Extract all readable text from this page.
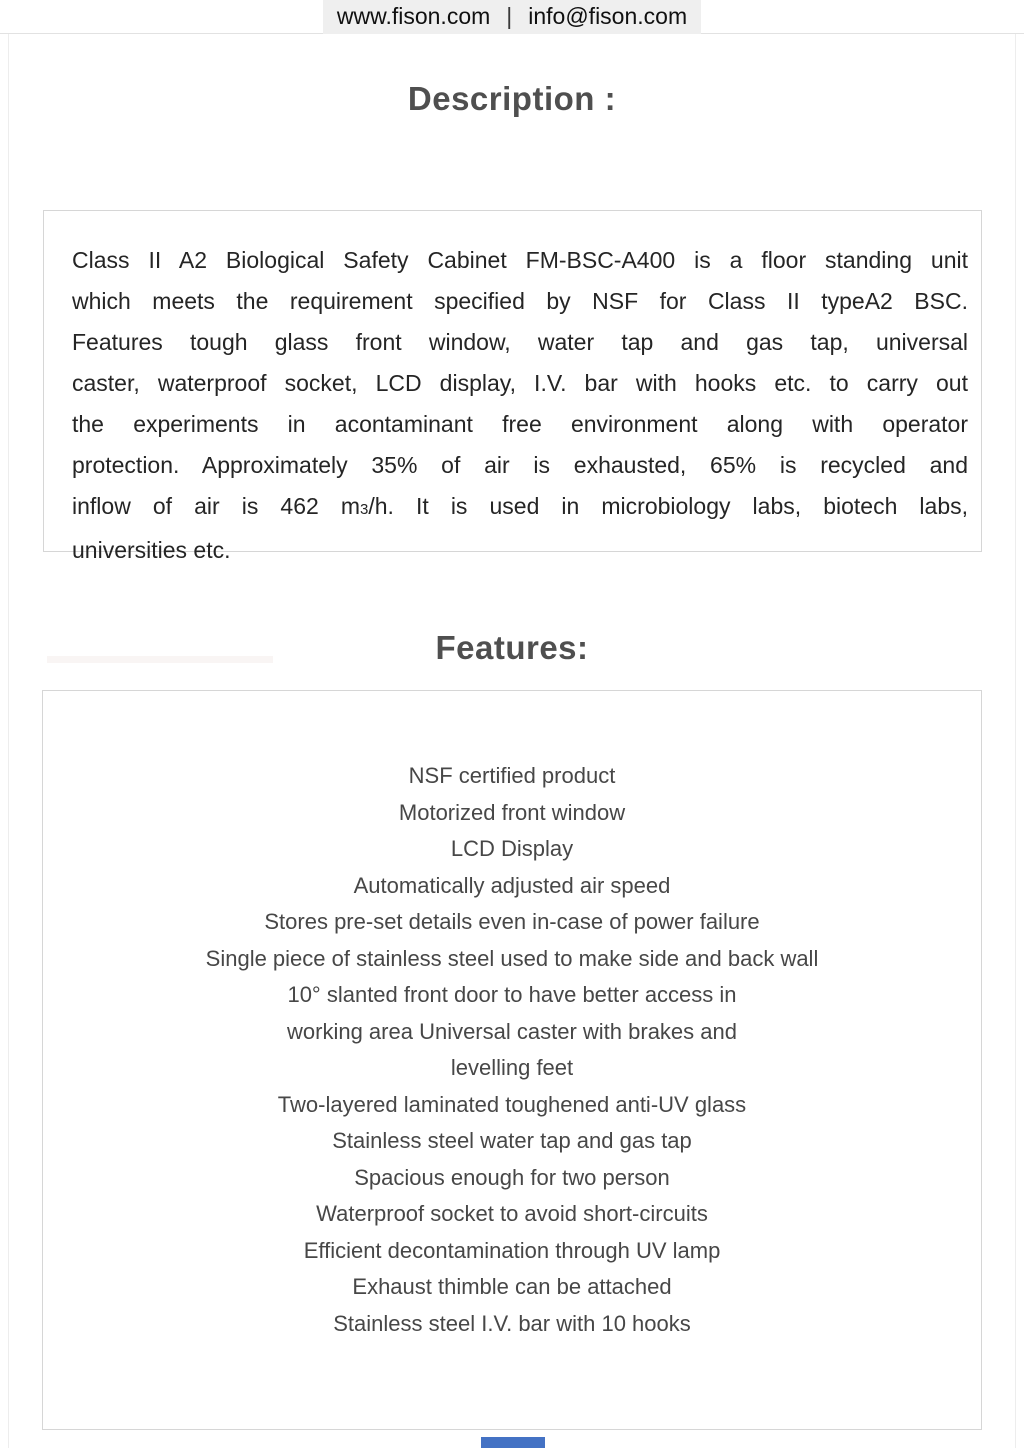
www.fison.com | info@fison.com
Description :
Class II A2 Biological Safety Cabinet FM-BSC-A400 is a floor standing unit
which meets the requirement specified by NSF for Class II typeA2 BSC.
Features tough glass front window, water tap and gas tap, universal
caster, waterproof socket, LCD display, I.V. bar with hooks etc. to carry out
the experiments in acontaminant free environment along with operator
protection. Approximately 35% of air is exhausted, 65% is recycled and
inflow of air is 462 m3/h. It is used in microbiology labs, biotech labs,
universities etc.
Features:
NSF certified product
Motorized front window
LCD Display
Automatically adjusted air speed
Stores pre-set details even in-case of power failure
Single piece of stainless steel used to make side and back wall
10° slanted front door to have better access in
working area Universal caster with brakes and
levelling feet
Two-layered laminated toughened anti-UV glass
Stainless steel water tap and gas tap
Spacious enough for two person
Waterproof socket to avoid short-circuits
Efficient decontamination through UV lamp
Exhaust thimble can be attached
Stainless steel I.V. bar with 10 hooks
